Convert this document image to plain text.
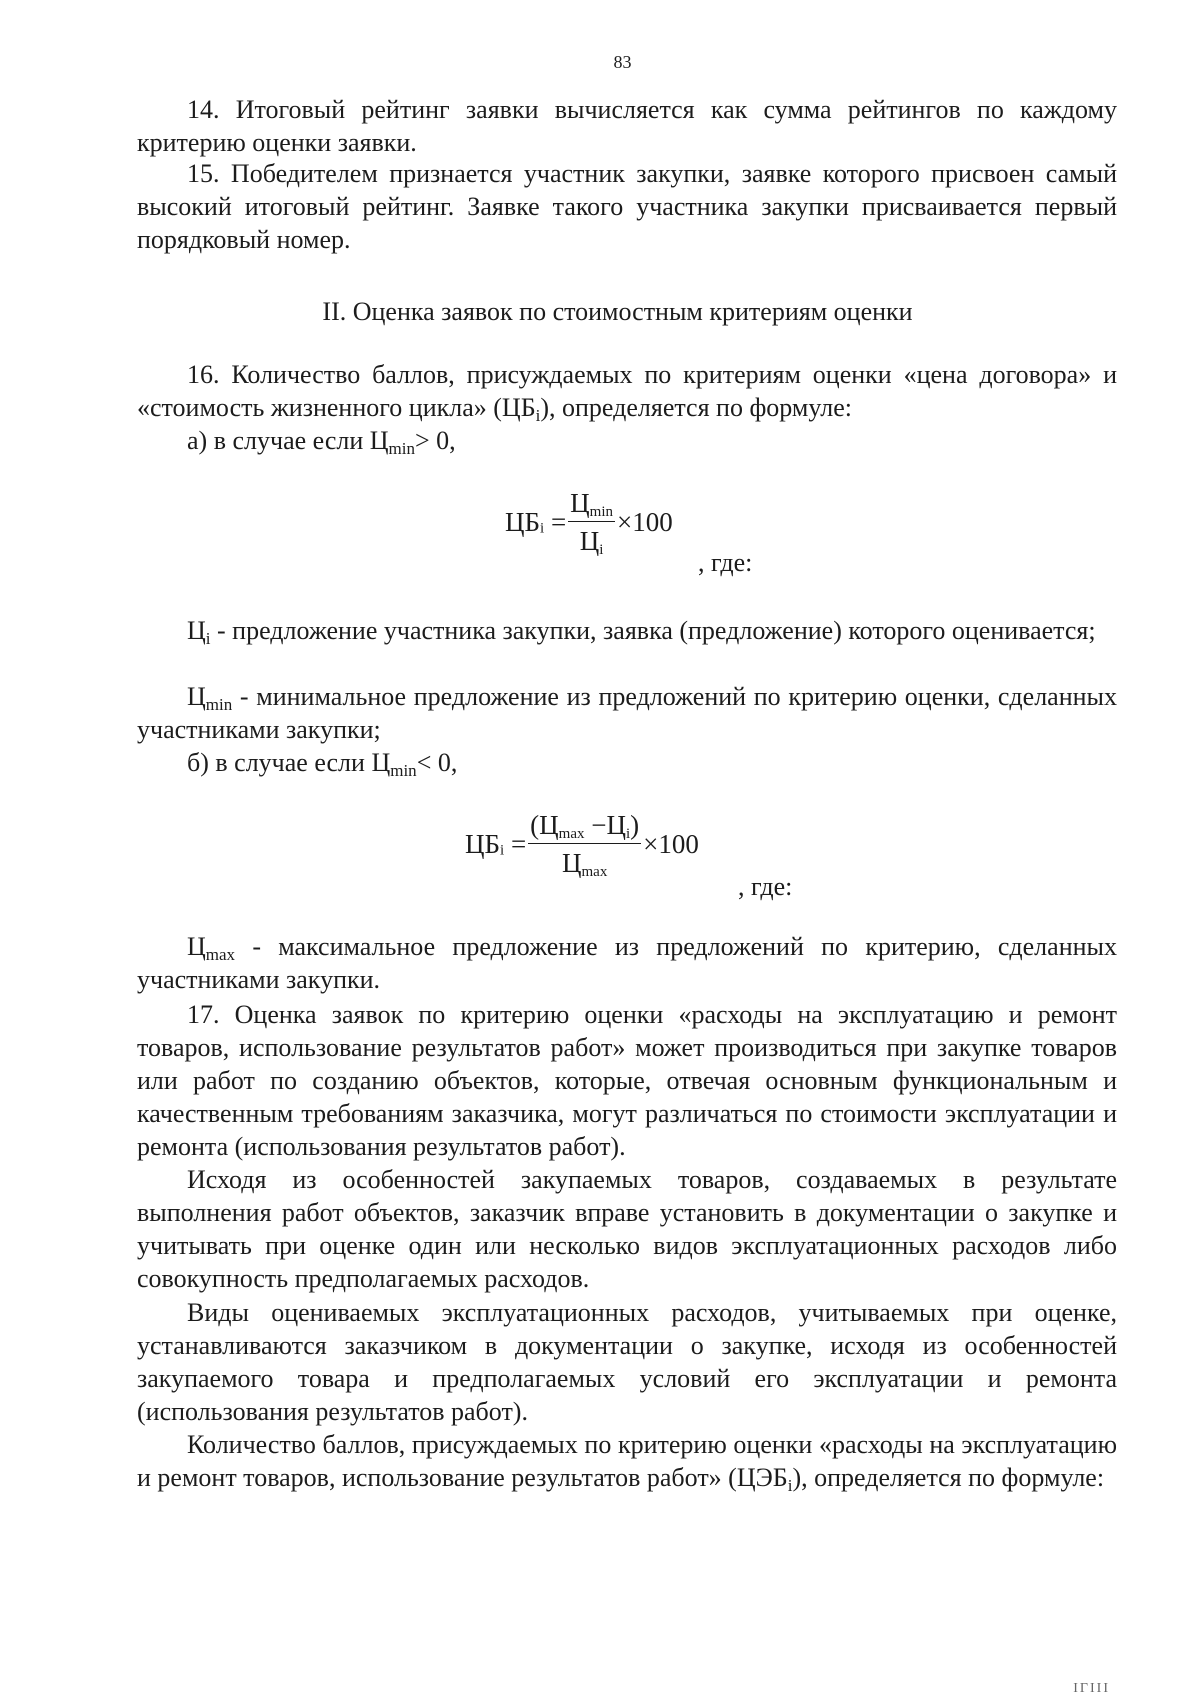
83

14. Итоговый рейтинг заявки вычисляется как сумма рейтингов по каждому критерию оценки заявки.

15. Победителем признается участник закупки, заявке которого присвоен самый высокий итоговый рейтинг. Заявке такого участника закупки присваивается первый порядковый номер.

II. Оценка заявок по стоимостным критериям оценки

16. Количество баллов, присуждаемых по критериям оценки «цена договора» и «стоимость жизненного цикла» $(ЦБ_i)$, определяется по формуле:

а) в случае если $Ц_{min}> 0$,

ЦБi = $\frac{Ц\min}{Цi} \times 100$
, где:

$Ц_i$ - предложение участника закупки, заявка (предложение) которого оценивается;

$Ц_{min}$ - минимальное предложение из предложений по критерию оценки, сделанных участниками закупки;

б) в случае если $Ц_{min}< 0$,

ЦБi = $\frac{(Ц\max -Цi)}{Ц\max} \times 100$
, где:

$Ц_{max}$ - максимальное предложение из предложений по критерию, сделанных участниками закупки.

17. Оценка заявок по критерию оценки «расходы на эксплуатацию и ремонт товаров, использование результатов работ» может производиться при закупке товаров или работ по созданию объектов, которые, отвечая основным функциональным и качественным требованиям заказчика, могут различаться по стоимости эксплуатации и ремонта (использования результатов работ).

Исходя из особенностей закупаемых товаров, создаваемых в результате выполнения работ объектов, заказчик вправе установить в документации о закупке и учитывать при оценке один или несколько видов эксплуатационных расходов либо совокупность предполагаемых расходов.

Виды оцениваемых эксплуатационных расходов, учитываемых при оценке, устанавливаются заказчиком в документации о закупке, исходя из особенностей закупаемого товара и предполагаемых условий его эксплуатации и ремонта (использования результатов работ).

Количество баллов, присуждаемых по критерию оценки «расходы на эксплуатацию и ремонт товаров, использование результатов работ» $(ЦЭБ_i)$, определяется по формуле:

ΙΓΙΙΙ
